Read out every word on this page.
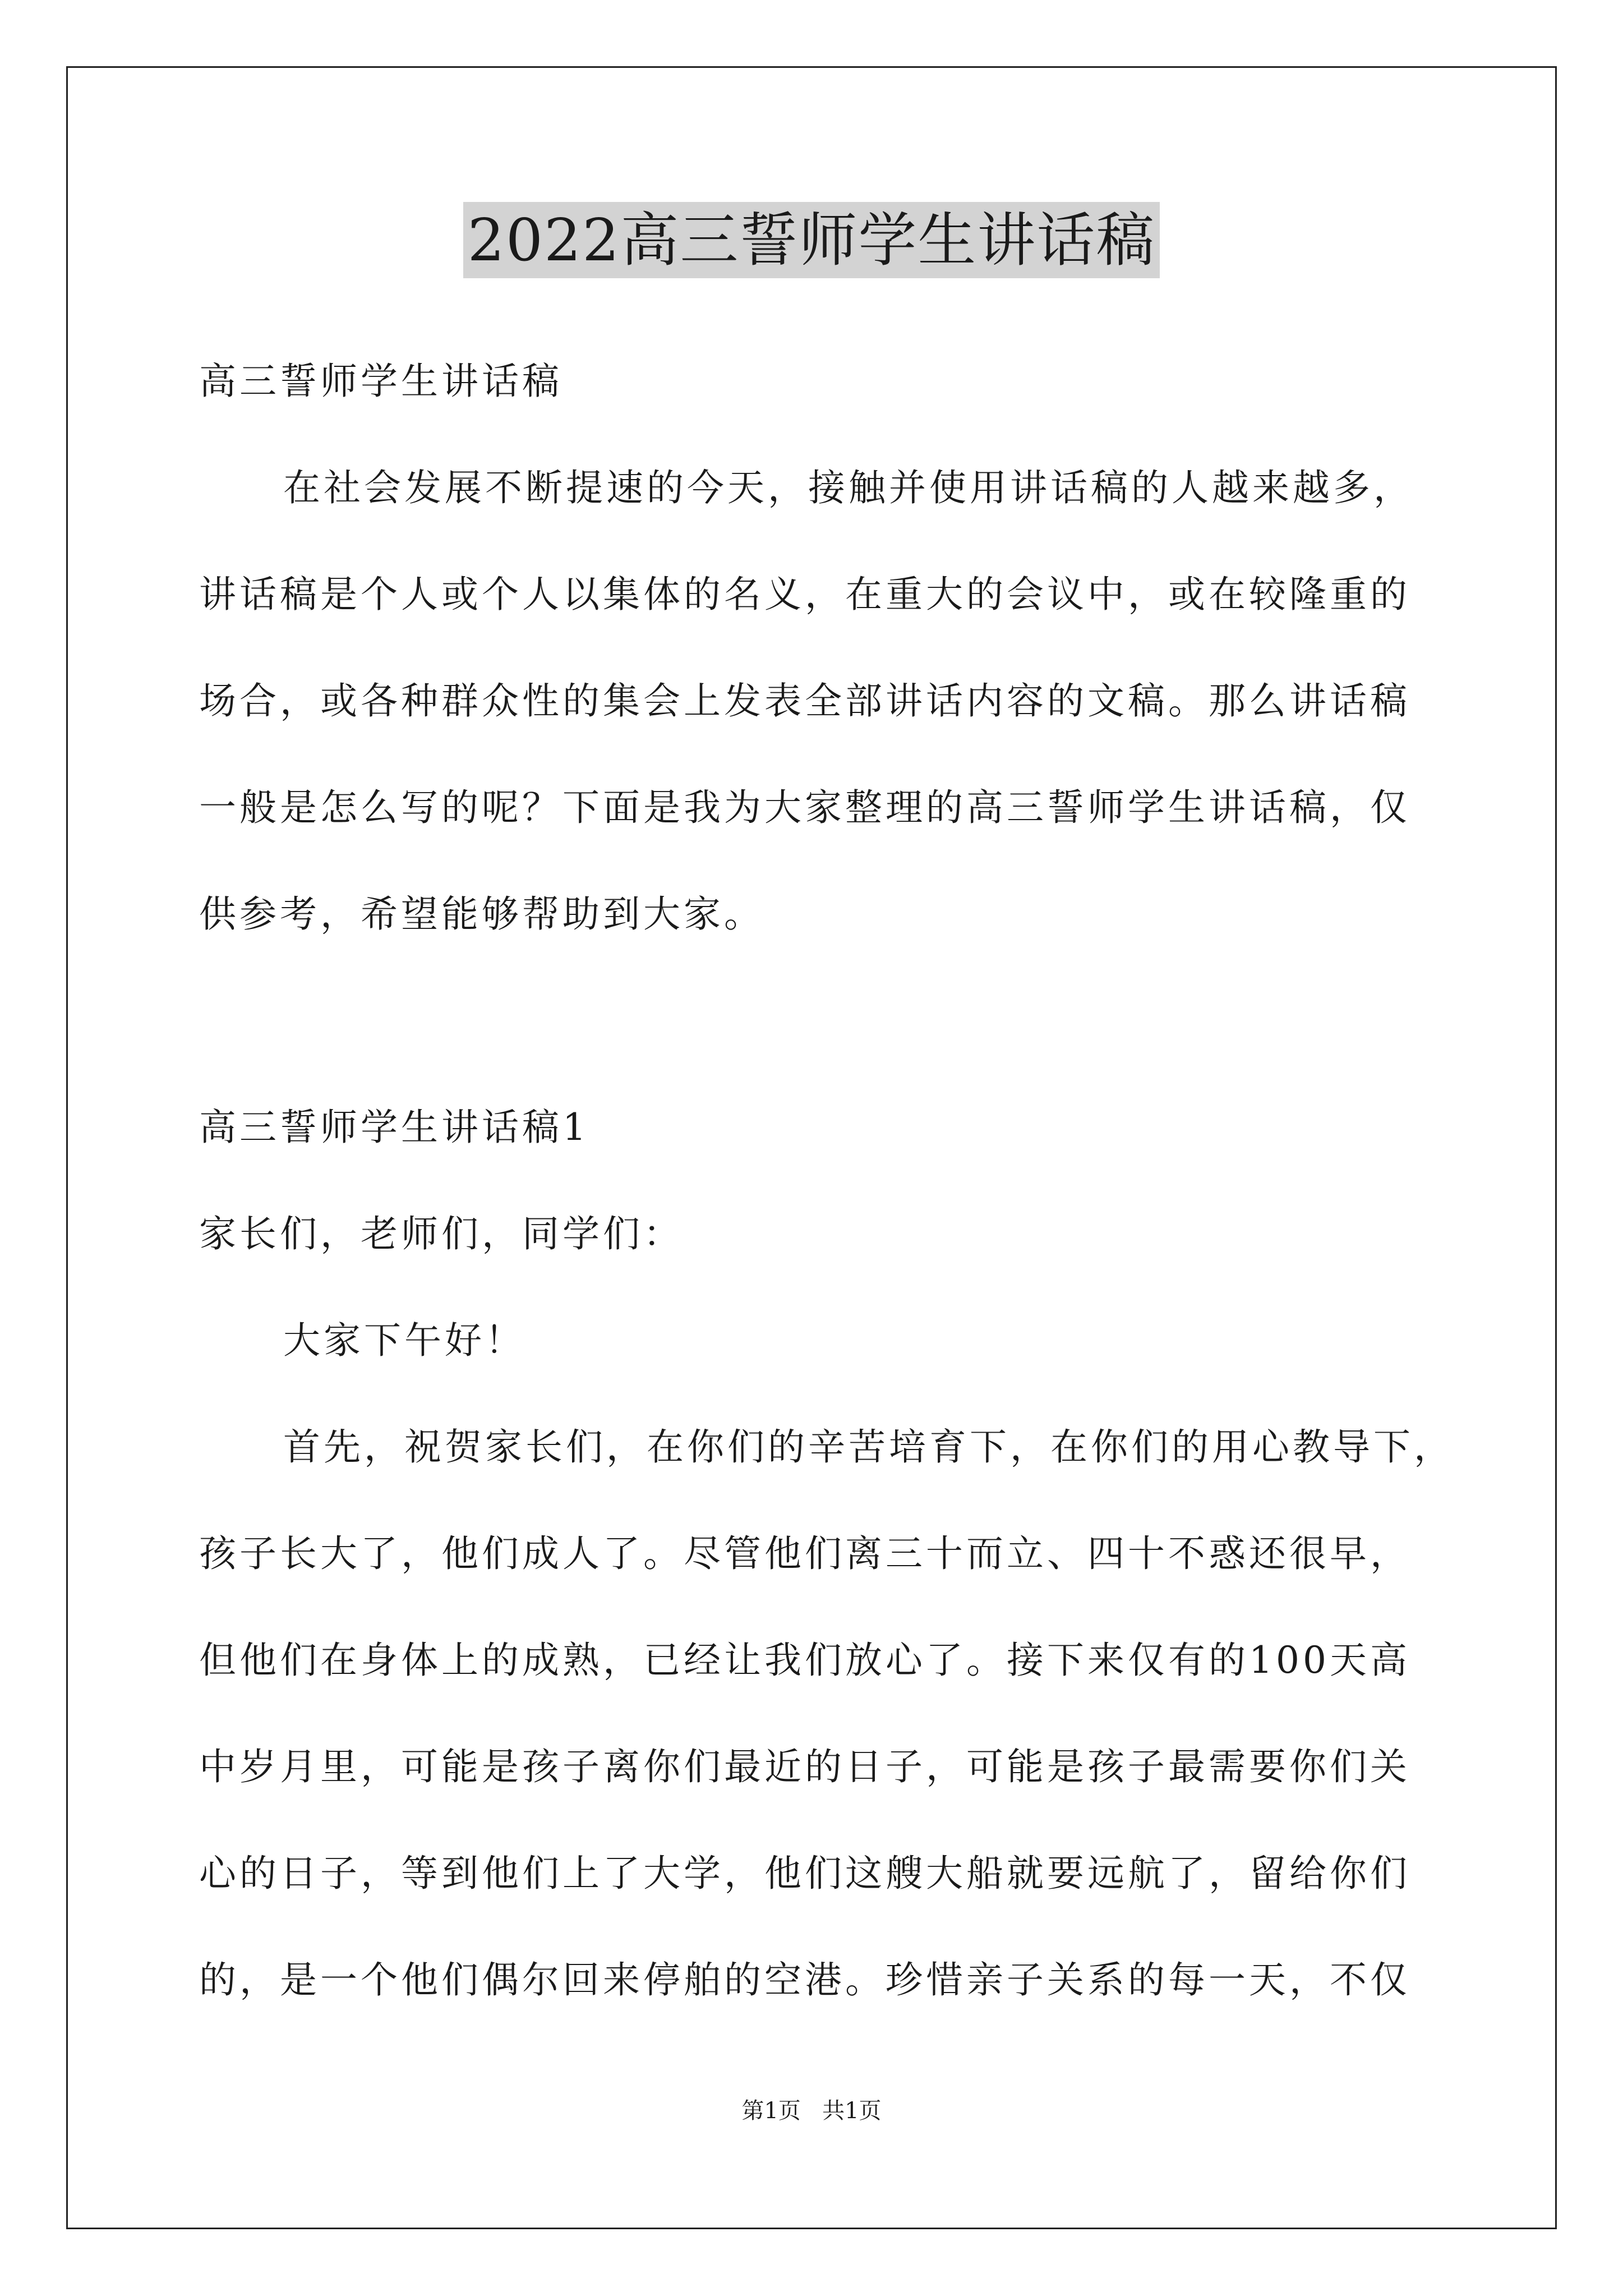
2022高三誓师学生讲话稿
高三誓师学生讲话稿
在社会发展不断提速的今天，接触并使用讲话稿的人越来越多，
讲话稿是个人或个人以集体的名义，在重大的会议中，或在较隆重的
场合，或各种群众性的集会上发表全部讲话内容的文稿。那么讲话稿
一般是怎么写的呢？下面是我为大家整理的高三誓师学生讲话稿，仅
供参考，希望能够帮助到大家。
高三誓师学生讲话稿1
家长们，老师们，同学们：
大家下午好！
首先，祝贺家长们，在你们的辛苦培育下，在你们的用心教导下，
孩子长大了，他们成人了。尽管他们离三十而立、四十不惑还很早，
但他们在身体上的成熟，已经让我们放心了。接下来仅有的100天高
中岁月里，可能是孩子离你们最近的日子，可能是孩子最需要你们关
心的日子，等到他们上了大学，他们这艘大船就要远航了，留给你们
的，是一个他们偶尔回来停舶的空港。珍惜亲子关系的每一天，不仅
第1页 共1页
